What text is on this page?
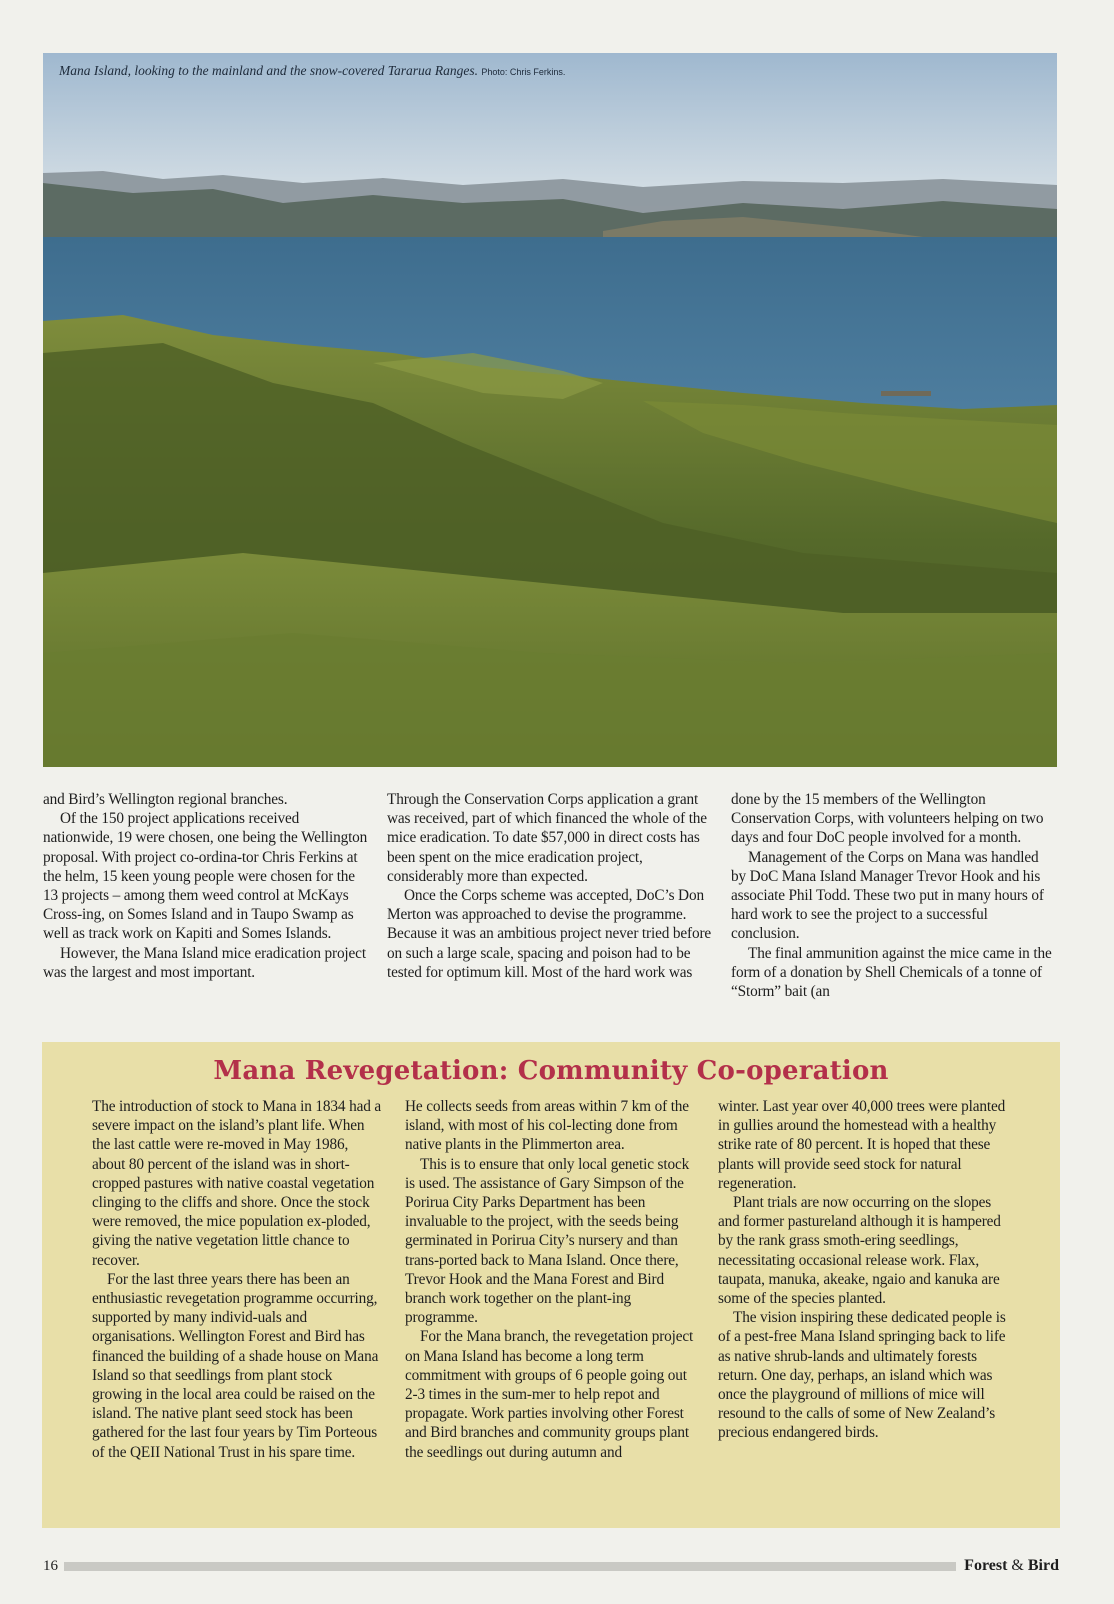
Mana Island, looking to the mainland and the snow-covered Tararua Ranges. Photo: Chris Ferkins.

and Bird’s Wellington regional branches.

Of the 150 project applications received nationwide, 19 were chosen, one being the Wellington proposal. With project co-ordina-tor Chris Ferkins at the helm, 15 keen young people were chosen for the 13 projects – among them weed control at McKays Cross-ing, on Somes Island and in Taupo Swamp as well as track work on Kapiti and Somes Islands.

However, the Mana Island mice eradication project was the largest and most important.

Through the Conservation Corps application a grant was received, part of which financed the whole of the mice eradication. To date $57,000 in direct costs has been spent on the mice eradication project, considerably more than expected.

Once the Corps scheme was accepted, DoC’s Don Merton was approached to devise the programme. Because it was an ambitious project never tried before on such a large scale, spacing and poison had to be tested for optimum kill. Most of the hard work was

done by the 15 members of the Wellington Conservation Corps, with volunteers helping on two days and four DoC people involved for a month.

Management of the Corps on Mana was handled by DoC Mana Island Manager Trevor Hook and his associate Phil Todd. These two put in many hours of hard work to see the project to a successful conclusion.

The final ammunition against the mice came in the form of a donation by Shell Chemicals of a tonne of “Storm” bait (an

Mana Revegetation: Community Co-operation

The introduction of stock to Mana in 1834 had a severe impact on the island’s plant life. When the last cattle were re-moved in May 1986, about 80 percent of the island was in short-cropped pastures with native coastal vegetation clinging to the cliffs and shore. Once the stock were removed, the mice population ex-ploded, giving the native vegetation little chance to recover.

For the last three years there has been an enthusiastic revegetation programme occurring, supported by many individ-uals and organisations. Wellington Forest and Bird has financed the building of a shade house on Mana Island so that seedlings from plant stock growing in the local area could be raised on the island. The native plant seed stock has been gathered for the last four years by Tim Porteous of the QEII National Trust in his spare time.

He collects seeds from areas within 7 km of the island, with most of his col-lecting done from native plants in the Plimmerton area.

This is to ensure that only local genetic stock is used. The assistance of Gary Simpson of the Porirua City Parks Department has been invaluable to the project, with the seeds being germinated in Porirua City’s nursery and than trans-ported back to Mana Island. Once there, Trevor Hook and the Mana Forest and Bird branch work together on the plant-ing programme.

For the Mana branch, the revegetation project on Mana Island has become a long term commitment with groups of 6 people going out 2-3 times in the sum-mer to help repot and propagate. Work parties involving other Forest and Bird branches and community groups plant the seedlings out during autumn and

winter. Last year over 40,000 trees were planted in gullies around the homestead with a healthy strike rate of 80 percent. It is hoped that these plants will provide seed stock for natural regeneration.

Plant trials are now occurring on the slopes and former pastureland although it is hampered by the rank grass smoth-ering seedlings, necessitating occasional release work. Flax, taupata, manuka, akeake, ngaio and kanuka are some of the species planted.

The vision inspiring these dedicated people is of a pest-free Mana Island springing back to life as native shrub-lands and ultimately forests return. One day, perhaps, an island which was once the playground of millions of mice will resound to the calls of some of New Zealand’s precious endangered birds.

16	Forest & Bird
